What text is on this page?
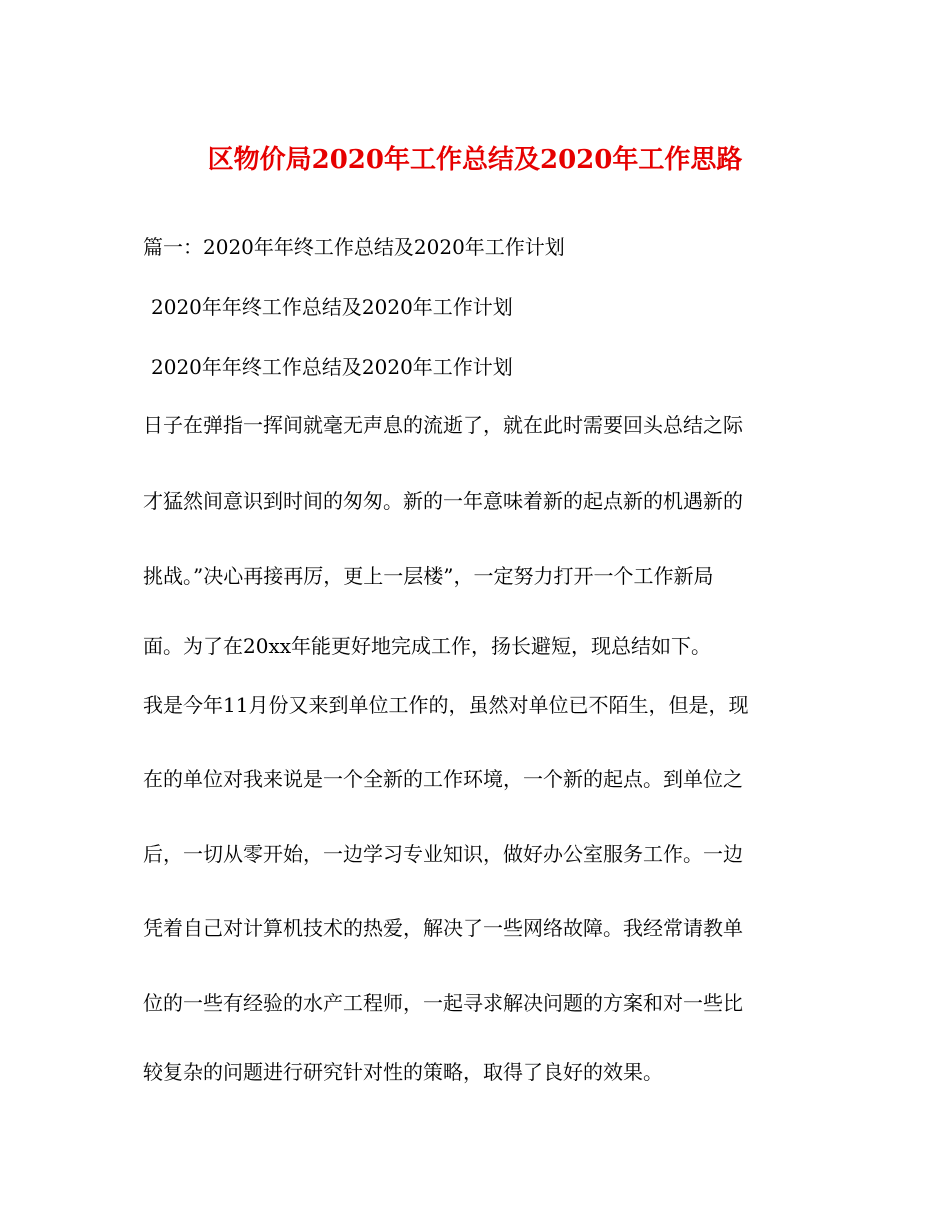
区物价局2020年工作总结及2020年工作思路
篇一：2020年年终工作总结及2020年工作计划
2020年年终工作总结及2020年工作计划
2020年年终工作总结及2020年工作计划
日子在弹指一挥间就毫无声息的流逝了，就在此时需要回头总结之际
才猛然间意识到时间的匆匆。新的一年意味着新的起点新的机遇新的
挑战。”决心再接再厉，更上一层楼”，一定努力打开一个工作新局
面。为了在20xx年能更好地完成工作，扬长避短，现总结如下。
我是今年11月份又来到单位工作的，虽然对单位已不陌生，但是，现
在的单位对我来说是一个全新的工作环境，一个新的起点。到单位之
后，一切从零开始，一边学习专业知识，做好办公室服务工作。一边
凭着自己对计算机技术的热爱，解决了一些网络故障。我经常请教单
位的一些有经验的水产工程师，一起寻求解决问题的方案和对一些比
较复杂的问题进行研究针对性的策略，取得了良好的效果。
